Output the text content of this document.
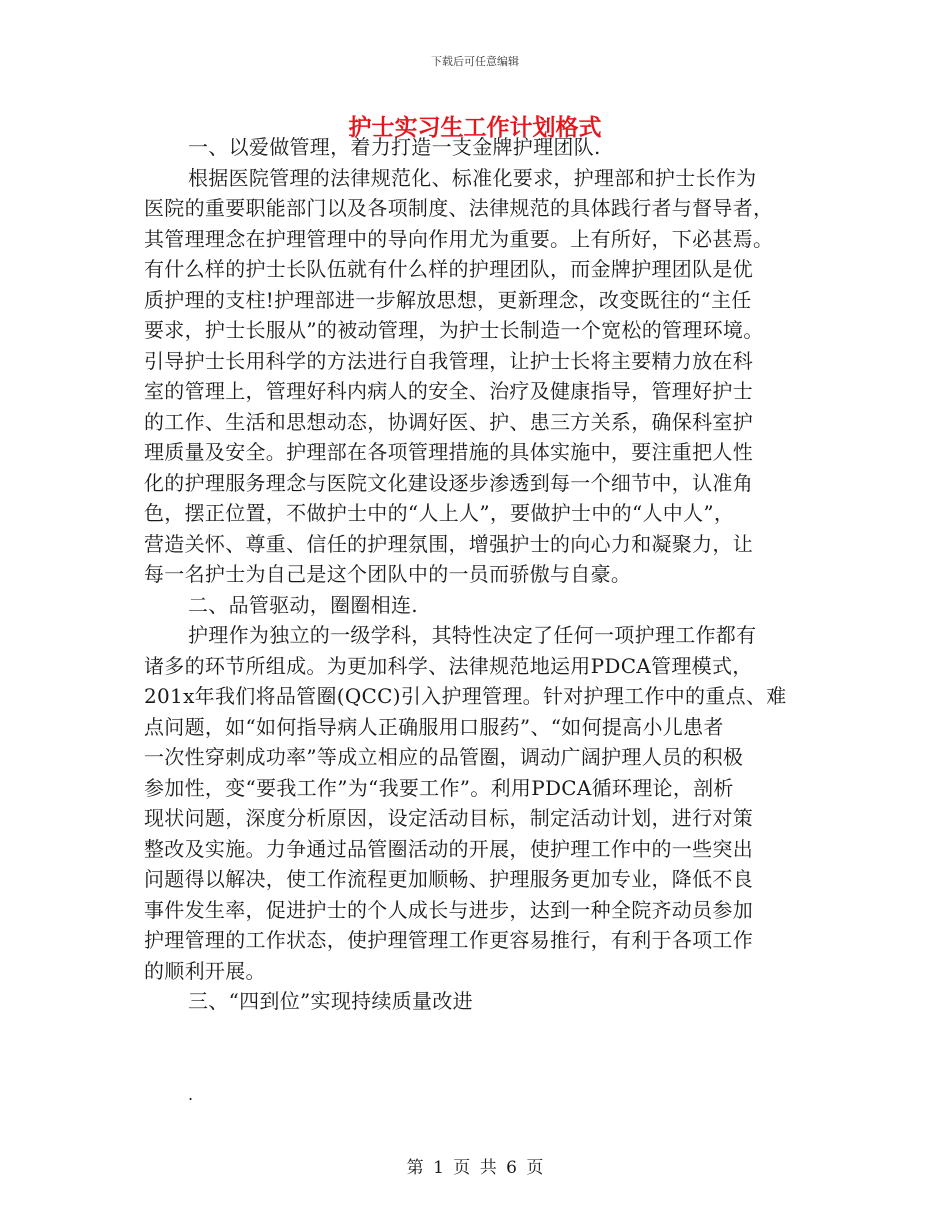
下载后可任意编辑
护士实习生工作计划格式
一、以爱做管理，着力打造一支金牌护理团队.
根据医院管理的法律规范化、标准化要求，护理部和护士长作为
医院的重要职能部门以及各项制度、法律规范的具体践行者与督导者，
其管理理念在护理管理中的导向作用尤为重要。上有所好，下必甚焉。
有什么样的护士长队伍就有什么样的护理团队，而金牌护理团队是优
质护理的支柱!护理部进一步解放思想，更新理念，改变既往的“主任
要求，护士长服从”的被动管理，为护士长制造一个宽松的管理环境。
引导护士长用科学的方法进行自我管理，让护士长将主要精力放在科
室的管理上，管理好科内病人的安全、治疗及健康指导，管理好护士
的工作、生活和思想动态，协调好医、护、患三方关系，确保科室护
理质量及安全。护理部在各项管理措施的具体实施中，要注重把人性
化的护理服务理念与医院文化建设逐步渗透到每一个细节中，认准角
色，摆正位置，不做护士中的“人上人”，要做护士中的“人中人”，
营造关怀、尊重、信任的护理氛围，增强护士的向心力和凝聚力，让
每一名护士为自己是这个团队中的一员而骄傲与自豪。
二、品管驱动，圈圈相连.
护理作为独立的一级学科，其特性决定了任何一项护理工作都有
诸多的环节所组成。为更加科学、法律规范地运用PDCA管理模式，
201x年我们将品管圈(QCC)引入护理管理。针对护理工作中的重点、难
点问题，如“如何指导病人正确服用口服药”、“如何提高小儿患者
一次性穿刺成功率”等成立相应的品管圈，调动广阔护理人员的积极
参加性，变“要我工作”为“我要工作”。利用PDCA循环理论，剖析
现状问题，深度分析原因，设定活动目标，制定活动计划，进行对策
整改及实施。力争通过品管圈活动的开展，使护理工作中的一些突出
问题得以解决，使工作流程更加顺畅、护理服务更加专业，降低不良
事件发生率，促进护士的个人成长与进步，达到一种全院齐动员参加
护理管理的工作状态，使护理管理工作更容易推行，有利于各项工作
的顺利开展。
三、“四到位”实现持续质量改进
.
第 1 页 共 6 页
